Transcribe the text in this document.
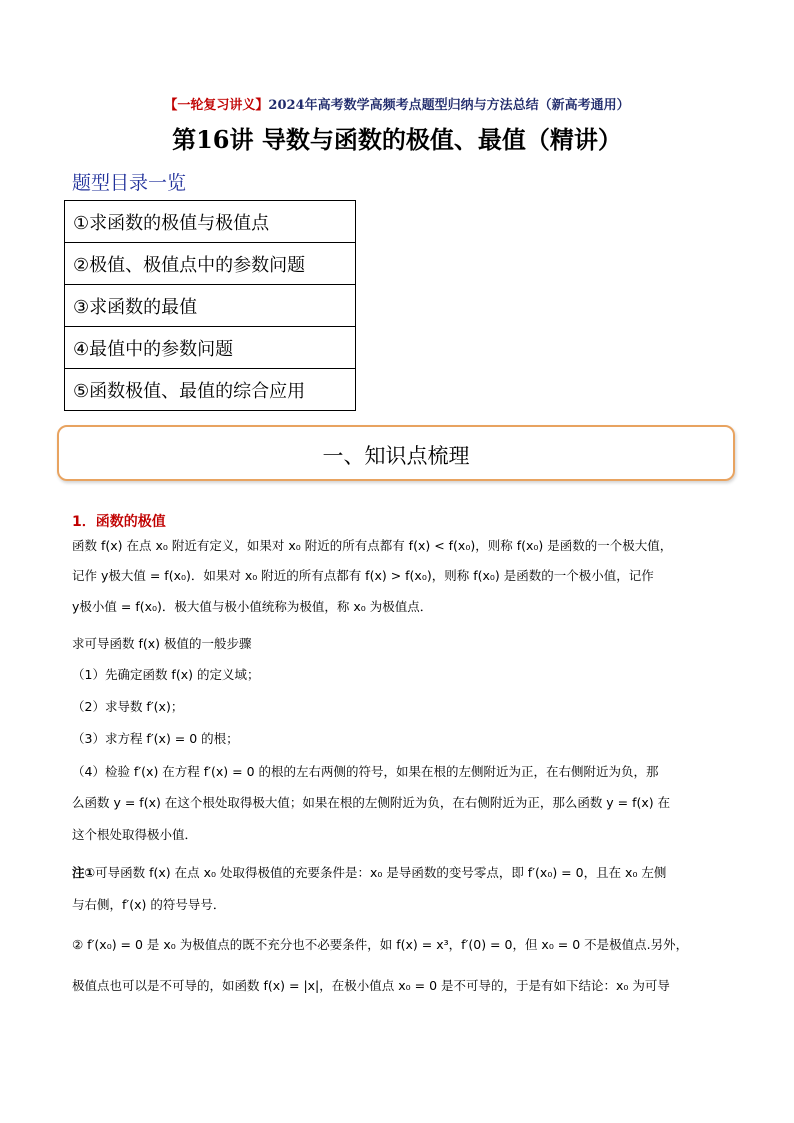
【一轮复习讲义】2024年高考数学高频考点题型归纳与方法总结（新高考通用）
第16讲 导数与函数的极值、最值（精讲）
题型目录一览
①求函数的极值与极值点
②极值、极值点中的参数问题
③求函数的最值
④最值中的参数问题
⑤函数极值、最值的综合应用
一、知识点梳理
1．函数的极值
函数 f(x) 在点 x₀ 附近有定义，如果对 x₀ 附近的所有点都有 f(x) < f(x₀)，则称 f(x₀) 是函数的一个极大值，
记作 y极大值 = f(x₀)．如果对 x₀ 附近的所有点都有 f(x) > f(x₀)，则称 f(x₀) 是函数的一个极小值，记作
y极小值 = f(x₀)．极大值与极小值统称为极值，称 x₀ 为极值点．
求可导函数 f(x) 极值的一般步骤
（1）先确定函数 f(x) 的定义域；
（2）求导数 f′(x)；
（3）求方程 f′(x) = 0 的根；
（4）检验 f′(x) 在方程 f′(x) = 0 的根的左右两侧的符号，如果在根的左侧附近为正，在右侧附近为负，那
么函数 y = f(x) 在这个根处取得极大值；如果在根的左侧附近为负，在右侧附近为正，那么函数 y = f(x) 在
这个根处取得极小值．
注①可导函数 f(x) 在点 x₀ 处取得极值的充要条件是：x₀ 是导函数的变号零点，即 f′(x₀) = 0，且在 x₀ 左侧
与右侧，f′(x) 的符号导号．
② f′(x₀) = 0 是 x₀ 为极值点的既不充分也不必要条件，如 f(x) = x³，f′(0) = 0，但 x₀ = 0 不是极值点.另外，
极值点也可以是不可导的，如函数 f(x) = |x|，在极小值点 x₀ = 0 是不可导的，于是有如下结论：x₀ 为可导
